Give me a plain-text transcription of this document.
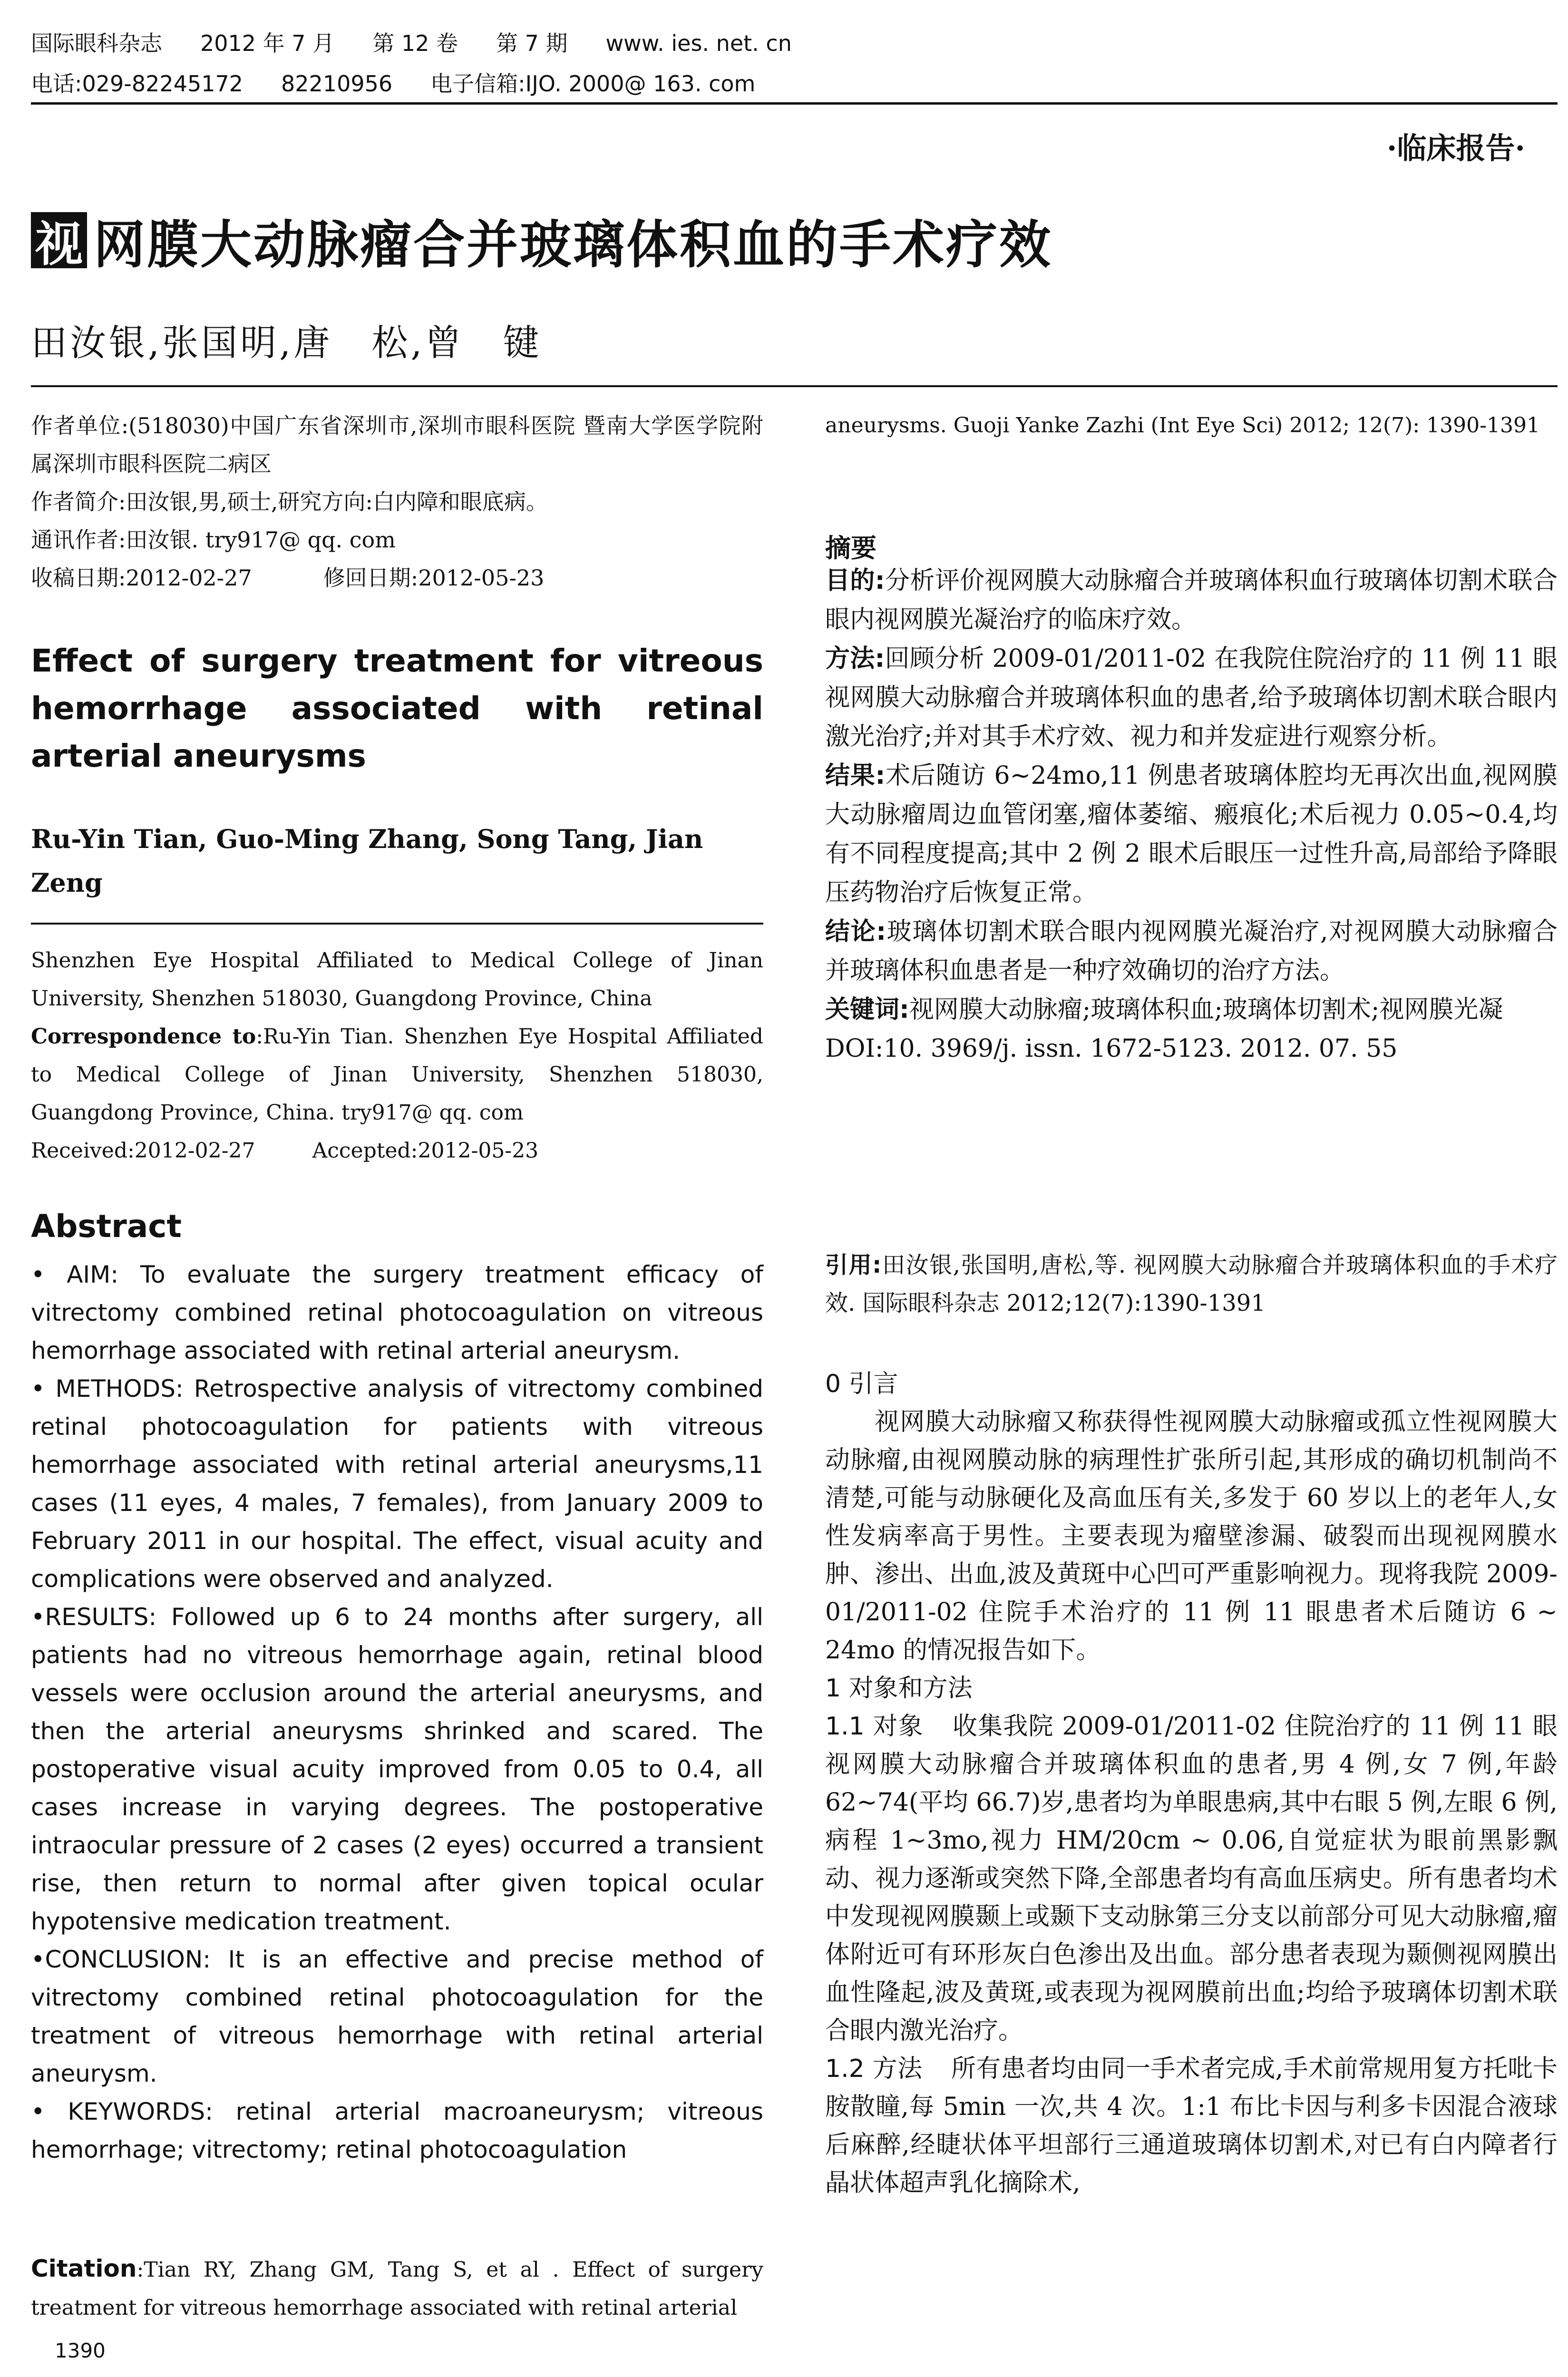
国际眼科杂志 2012 年 7 月 第 12 卷 第 7 期 www. ies. net. cn
电话:029-82245172 82210956 电子信箱:IJO. 2000@ 163. com
·临床报告·
视 网膜大动脉瘤合并玻璃体积血的手术疗效
田汝银,张国明,唐　松,曾　键

作者单位:(518030)中国广东省深圳市,深圳市眼科医院 暨南大学医学院附属深圳市眼科医院二病区

作者简介:田汝银,男,硕士,研究方向:白内障和眼底病。

通讯作者:田汝银. try917@ qq. com

收稿日期:2012-02-27	修回日期:2012-05-23

Effect of surgery treatment for vitreous hemorrhage associated with retinal arterial aneurysms
Ru-Yin Tian, Guo-Ming Zhang, Song Tang, Jian Zeng

Shenzhen Eye Hospital Affiliated to Medical College of Jinan University, Shenzhen 518030, Guangdong Province, China

Correspondence to:Ru-Yin Tian. Shenzhen Eye Hospital Affiliated to Medical College of Jinan University, Shenzhen 518030, Guangdong Province, China. try917@ qq. com

Received:2012-02-27	Accepted:2012-05-23

Abstract

• AIM: To evaluate the surgery treatment efficacy of vitrectomy combined retinal photocoagulation on vitreous hemorrhage associated with retinal arterial aneurysm.

• METHODS: Retrospective analysis of vitrectomy combined retinal photocoagulation for patients with vitreous hemorrhage associated with retinal arterial aneurysms,11 cases (11 eyes, 4 males, 7 females), from January 2009 to February 2011 in our hospital. The effect, visual acuity and complications were observed and analyzed.

•RESULTS: Followed up 6 to 24 months after surgery, all patients had no vitreous hemorrhage again, retinal blood vessels were occlusion around the arterial aneurysms, and then the arterial aneurysms shrinked and scared. The postoperative visual acuity improved from 0.05 to 0.4, all cases increase in varying degrees. The postoperative intraocular pressure of 2 cases (2 eyes) occurred a transient rise, then return to normal after given topical ocular hypotensive medication treatment.

•CONCLUSION: It is an effective and precise method of vitrectomy combined retinal photocoagulation for the treatment of vitreous hemorrhage with retinal arterial aneurysm.

• KEYWORDS: retinal arterial macroaneurysm; vitreous hemorrhage; vitrectomy; retinal photocoagulation

Citation:Tian RY, Zhang GM, Tang S, et al . Effect of surgery treatment for vitreous hemorrhage associated with retinal arterial
1390
aneurysms. Guoji Yanke Zazhi (Int Eye Sci) 2012; 12(7): 1390-1391
摘要

目的:分析评价视网膜大动脉瘤合并玻璃体积血行玻璃体切割术联合眼内视网膜光凝治疗的临床疗效。

方法:回顾分析 2009-01/2011-02 在我院住院治疗的 11 例 11 眼视网膜大动脉瘤合并玻璃体积血的患者,给予玻璃体切割术联合眼内激光治疗;并对其手术疗效、视力和并发症进行观察分析。

结果:术后随访 6~24mo,11 例患者玻璃体腔均无再次出血,视网膜大动脉瘤周边血管闭塞,瘤体萎缩、瘢痕化;术后视力 0.05~0.4,均有不同程度提高;其中 2 例 2 眼术后眼压一过性升高,局部给予降眼压药物治疗后恢复正常。

结论:玻璃体切割术联合眼内视网膜光凝治疗,对视网膜大动脉瘤合并玻璃体积血患者是一种疗效确切的治疗方法。

关键词:视网膜大动脉瘤;玻璃体积血;玻璃体切割术;视网膜光凝

DOI:10. 3969/j. issn. 1672-5123. 2012. 07. 55

引用:田汝银,张国明,唐松,等. 视网膜大动脉瘤合并玻璃体积血的手术疗效. 国际眼科杂志 2012;12(7):1390-1391

0 引言

视网膜大动脉瘤又称获得性视网膜大动脉瘤或孤立性视网膜大动脉瘤,由视网膜动脉的病理性扩张所引起,其形成的确切机制尚不清楚,可能与动脉硬化及高血压有关,多发于 60 岁以上的老年人,女性发病率高于男性。主要表现为瘤壁渗漏、破裂而出现视网膜水肿、渗出、出血,波及黄斑中心凹可严重影响视力。现将我院 2009-01/2011-02 住院手术治疗的 11 例 11 眼患者术后随访 6 ~ 24mo 的情况报告如下。

1 对象和方法

1.1 对象 收集我院 2009-01/2011-02 住院治疗的 11 例 11 眼视网膜大动脉瘤合并玻璃体积血的患者,男 4 例,女 7 例,年龄 62~74(平均 66.7)岁,患者均为单眼患病,其中右眼 5 例,左眼 6 例,病程 1~3mo,视力 HM/20cm ~ 0.06,自觉症状为眼前黑影飘动、视力逐渐或突然下降,全部患者均有高血压病史。所有患者均术中发现视网膜颞上或颞下支动脉第三分支以前部分可见大动脉瘤,瘤体附近可有环形灰白色渗出及出血。部分患者表现为颞侧视网膜出血性隆起,波及黄斑,或表现为视网膜前出血;均给予玻璃体切割术联合眼内激光治疗。

1.2 方法 所有患者均由同一手术者完成,手术前常规用复方托吡卡胺散瞳,每 5min 一次,共 4 次。1:1 布比卡因与利多卡因混合液球后麻醉,经睫状体平坦部行三通道玻璃体切割术,对已有白内障者行晶状体超声乳化摘除术,
